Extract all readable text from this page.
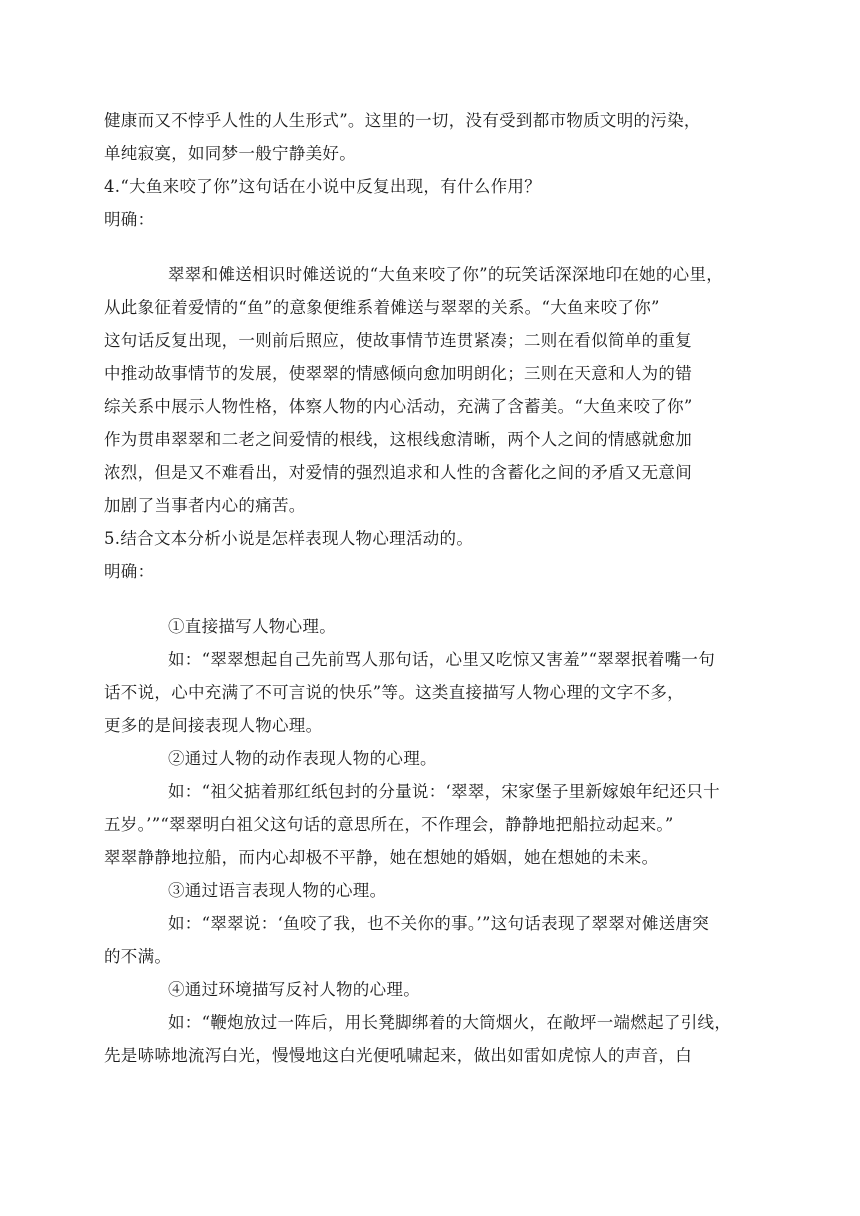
健康而又不悖乎人性的人生形式”。这里的一切，没有受到都市物质文明的污染，
单纯寂寞，如同梦一般宁静美好。
4.“大鱼来咬了你”这句话在小说中反复出现，有什么作用？
明确：
翠翠和傩送相识时傩送说的“大鱼来咬了你”的玩笑话深深地印在她的心里，
从此象征着爱情的“鱼”的意象便维系着傩送与翠翠的关系。“大鱼来咬了你”
这句话反复出现，一则前后照应，使故事情节连贯紧凑；二则在看似简单的重复
中推动故事情节的发展，使翠翠的情感倾向愈加明朗化；三则在天意和人为的错
综关系中展示人物性格，体察人物的内心活动，充满了含蓄美。“大鱼来咬了你”
作为贯串翠翠和二老之间爱情的根线，这根线愈清晰，两个人之间的情感就愈加
浓烈，但是又不难看出，对爱情的强烈追求和人性的含蓄化之间的矛盾又无意间
加剧了当事者内心的痛苦。
5.结合文本分析小说是怎样表现人物心理活动的。
明确：
①直接描写人物心理。
如：“翠翠想起自己先前骂人那句话，心里又吃惊又害羞”“翠翠抿着嘴一句
话不说，心中充满了不可言说的快乐”等。这类直接描写人物心理的文字不多，
更多的是间接表现人物心理。
②通过人物的动作表现人物的心理。
如：“祖父掂着那红纸包封的分量说：‘翠翠，宋家堡子里新嫁娘年纪还只十
五岁。’”“翠翠明白祖父这句话的意思所在，不作理会，静静地把船拉动起来。”
翠翠静静地拉船，而内心却极不平静，她在想她的婚姻，她在想她的未来。
③通过语言表现人物的心理。
如：“翠翠说：‘鱼咬了我，也不关你的事。’”这句话表现了翠翠对傩送唐突
的不满。
④通过环境描写反衬人物的心理。
如：“鞭炮放过一阵后，用长凳脚绑着的大筒烟火，在敞坪一端燃起了引线，
先是哧哧地流泻白光，慢慢地这白光便吼啸起来，做出如雷如虎惊人的声音，白
